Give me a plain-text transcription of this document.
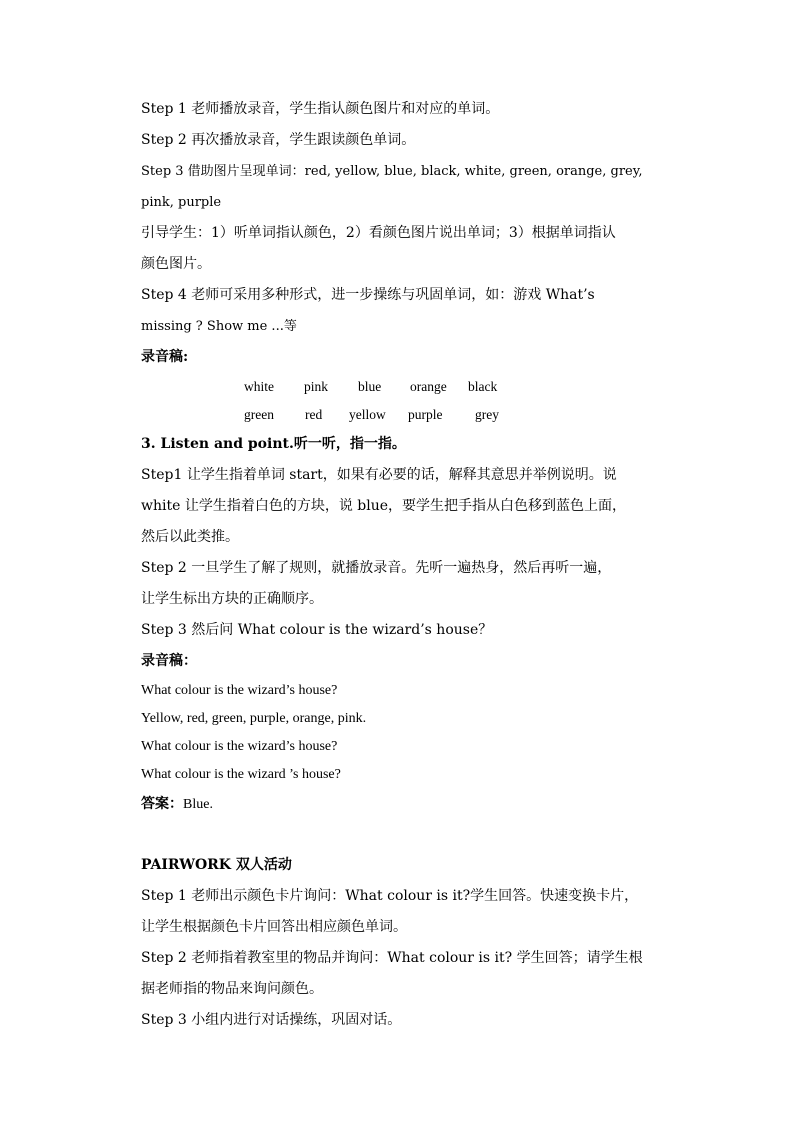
Step 1 老师播放录音，学生指认颜色图片和对应的单词。
Step 2 再次播放录音，学生跟读颜色单词。
Step 3 借助图片呈现单词：red, yellow, blue, black, white, green, orange, grey,
pink, purple
引导学生：1）听单词指认颜色，2）看颜色图片说出单词；3）根据单词指认
颜色图片。
Step 4 老师可采用多种形式，进一步操练与巩固单词，如：游戏 What’s
missing ? Show me ...等
录音稿:
white pink blue orange black
green red yellow purple grey
3. Listen and point.听一听，指一指。
Step1 让学生指着单词 start，如果有必要的话，解释其意思并举例说明。说
white 让学生指着白色的方块，说 blue，要学生把手指从白色移到蓝色上面，
然后以此类推。
Step 2 一旦学生了解了规则，就播放录音。先听一遍热身，然后再听一遍，
让学生标出方块的正确顺序。
Step 3 然后问 What colour is the wizard’s house？
录音稿：
What colour is the wizard’s house?
Yellow, red, green, purple, orange, pink.
What colour is the wizard’s house?
What colour is the wizard ’s house?
答案：Blue.
PAIRWORK 双人活动
Step 1 老师出示颜色卡片询问：What colour is it?学生回答。快速变换卡片，
让学生根据颜色卡片回答出相应颜色单词。
Step 2 老师指着教室里的物品并询问：What colour is it? 学生回答；请学生根
据老师指的物品来询问颜色。
Step 3 小组内进行对话操练，巩固对话。
